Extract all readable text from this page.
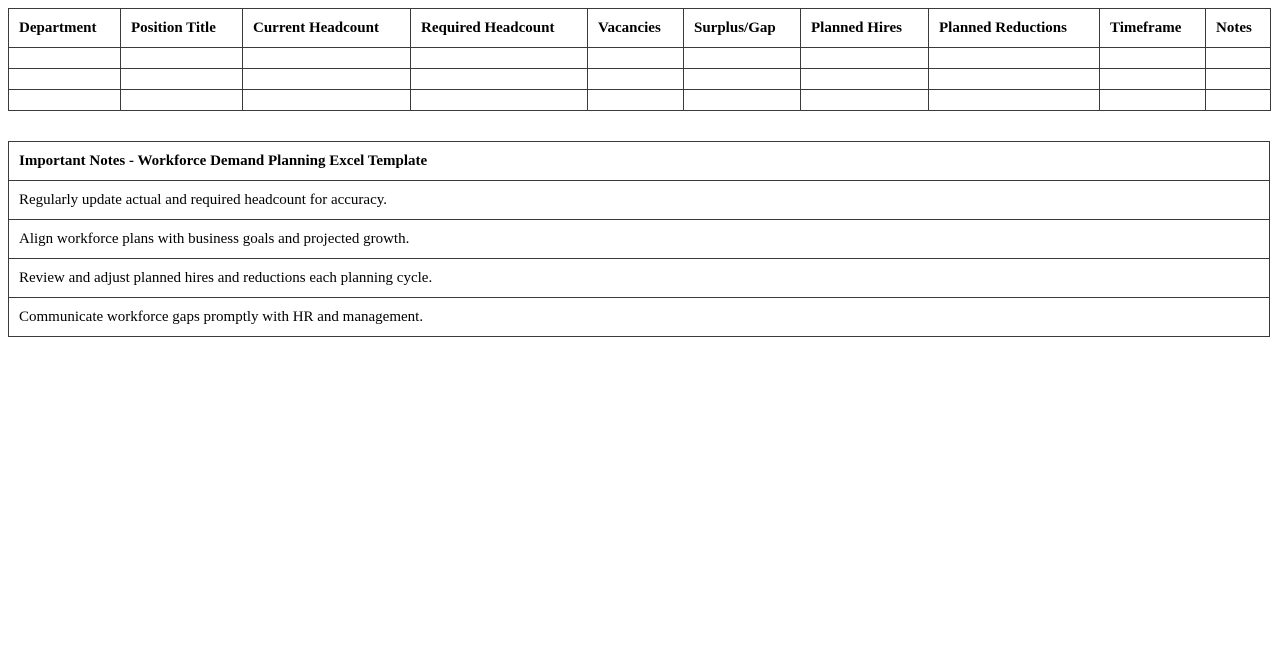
Department	Position Title	Current Headcount	Required Headcount	Vacancies	Surplus/Gap	Planned Hires	Planned Reductions	Timeframe	Notes

Important Notes - Workforce Demand Planning Excel Template
Regularly update actual and required headcount for accuracy.
Align workforce plans with business goals and projected growth.
Review and adjust planned hires and reductions each planning cycle.
Communicate workforce gaps promptly with HR and management.
